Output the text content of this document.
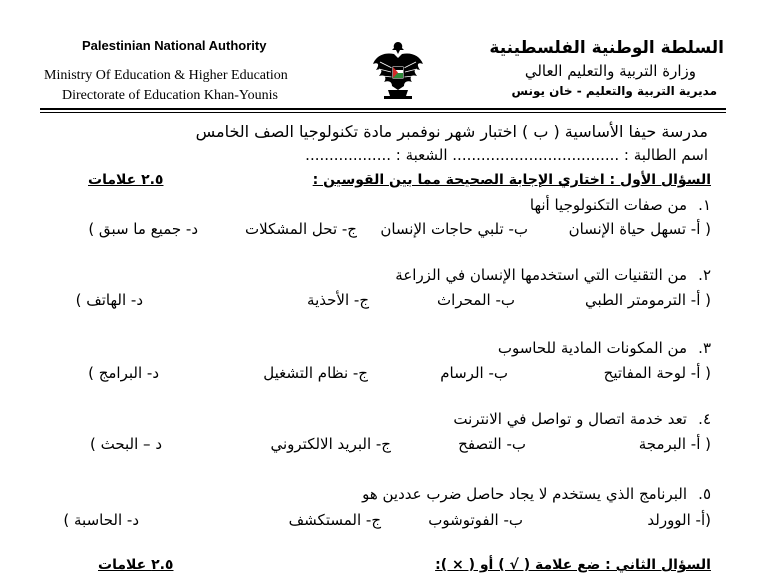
Palestinian National Authority
Ministry Of Education & Higher Education
Directorate of Education Khan-Younis
السلطة الوطنية الفلسطينية
وزارة التربية والتعليم العالي
مديرية التربية والتعليم - خان يونس
مدرسة حيفا الأساسية ( ب ) اختبار شهر نوفمبر مادة تكنولوجيا الصف الخامس
اسم الطالبة : ................................... الشعبة : ..................
السؤال الأول : اختاري الإجابة الصحيحة مما بين القوسين :
٢.٥ علامات
١.
من صفات التكنولوجيا أنها
( أ- تسهل حياة الإنسان
ب- تلبي حاجات الإنسان
ج- تحل المشكلات
د- جميع ما سبق )
٢.
من التقنيات التي استخدمها الإنسان في الزراعة
( أ- الترمومتر الطبي
ب- المحراث
ج- الأحذية
د- الهاتف )
٣.
من المكونات المادية للحاسوب
( أ- لوحة المفاتيح
ب- الرسام
ج- نظام التشغيل
د- البرامج )
٤.
تعد خدمة اتصال و تواصل في الانترنت
( أ- البرمجة
ب- التصفح
ج- البريد الالكتروني
د – البحث )
٥.
البرنامج الذي يستخدم لا يجاد حاصل ضرب عددين هو
(أ- الوورلد
ب- الفوتوشوب
ج- المستكشف
د- الحاسبة )
السؤال الثاني : ضع علامة ( √ ) أو ( × ):
٢.٥ علامات
